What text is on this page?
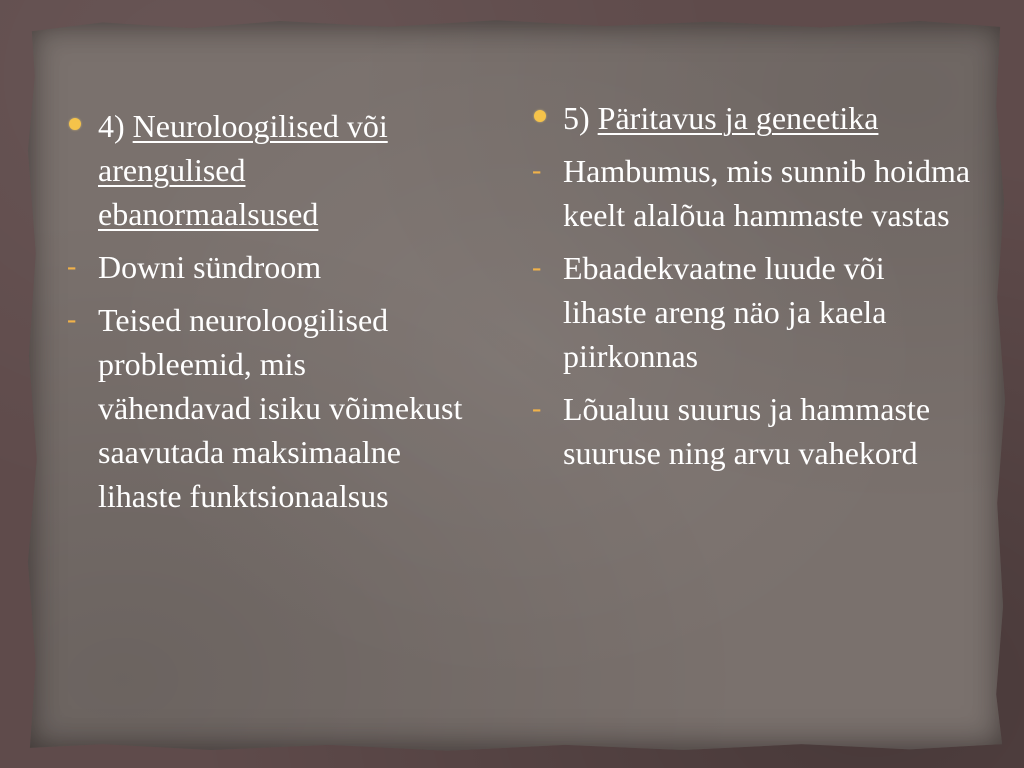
4) Neuroloogilised või arengulised ebanormaalsused

- Downi sündroom

- Teised neuroloogilised probleemid, mis vähendavad isiku võimekust saavutada maksimaalne lihaste funktsionaalsus

5) Päritavus ja geneetika

- Hambumus, mis sunnib hoidma keelt alalõua hammaste vastas

- Ebaadekvaatne luude või lihaste areng näo ja kaela piirkonnas

- Lõualuu suurus ja hammaste suuruse ning arvu vahekord
